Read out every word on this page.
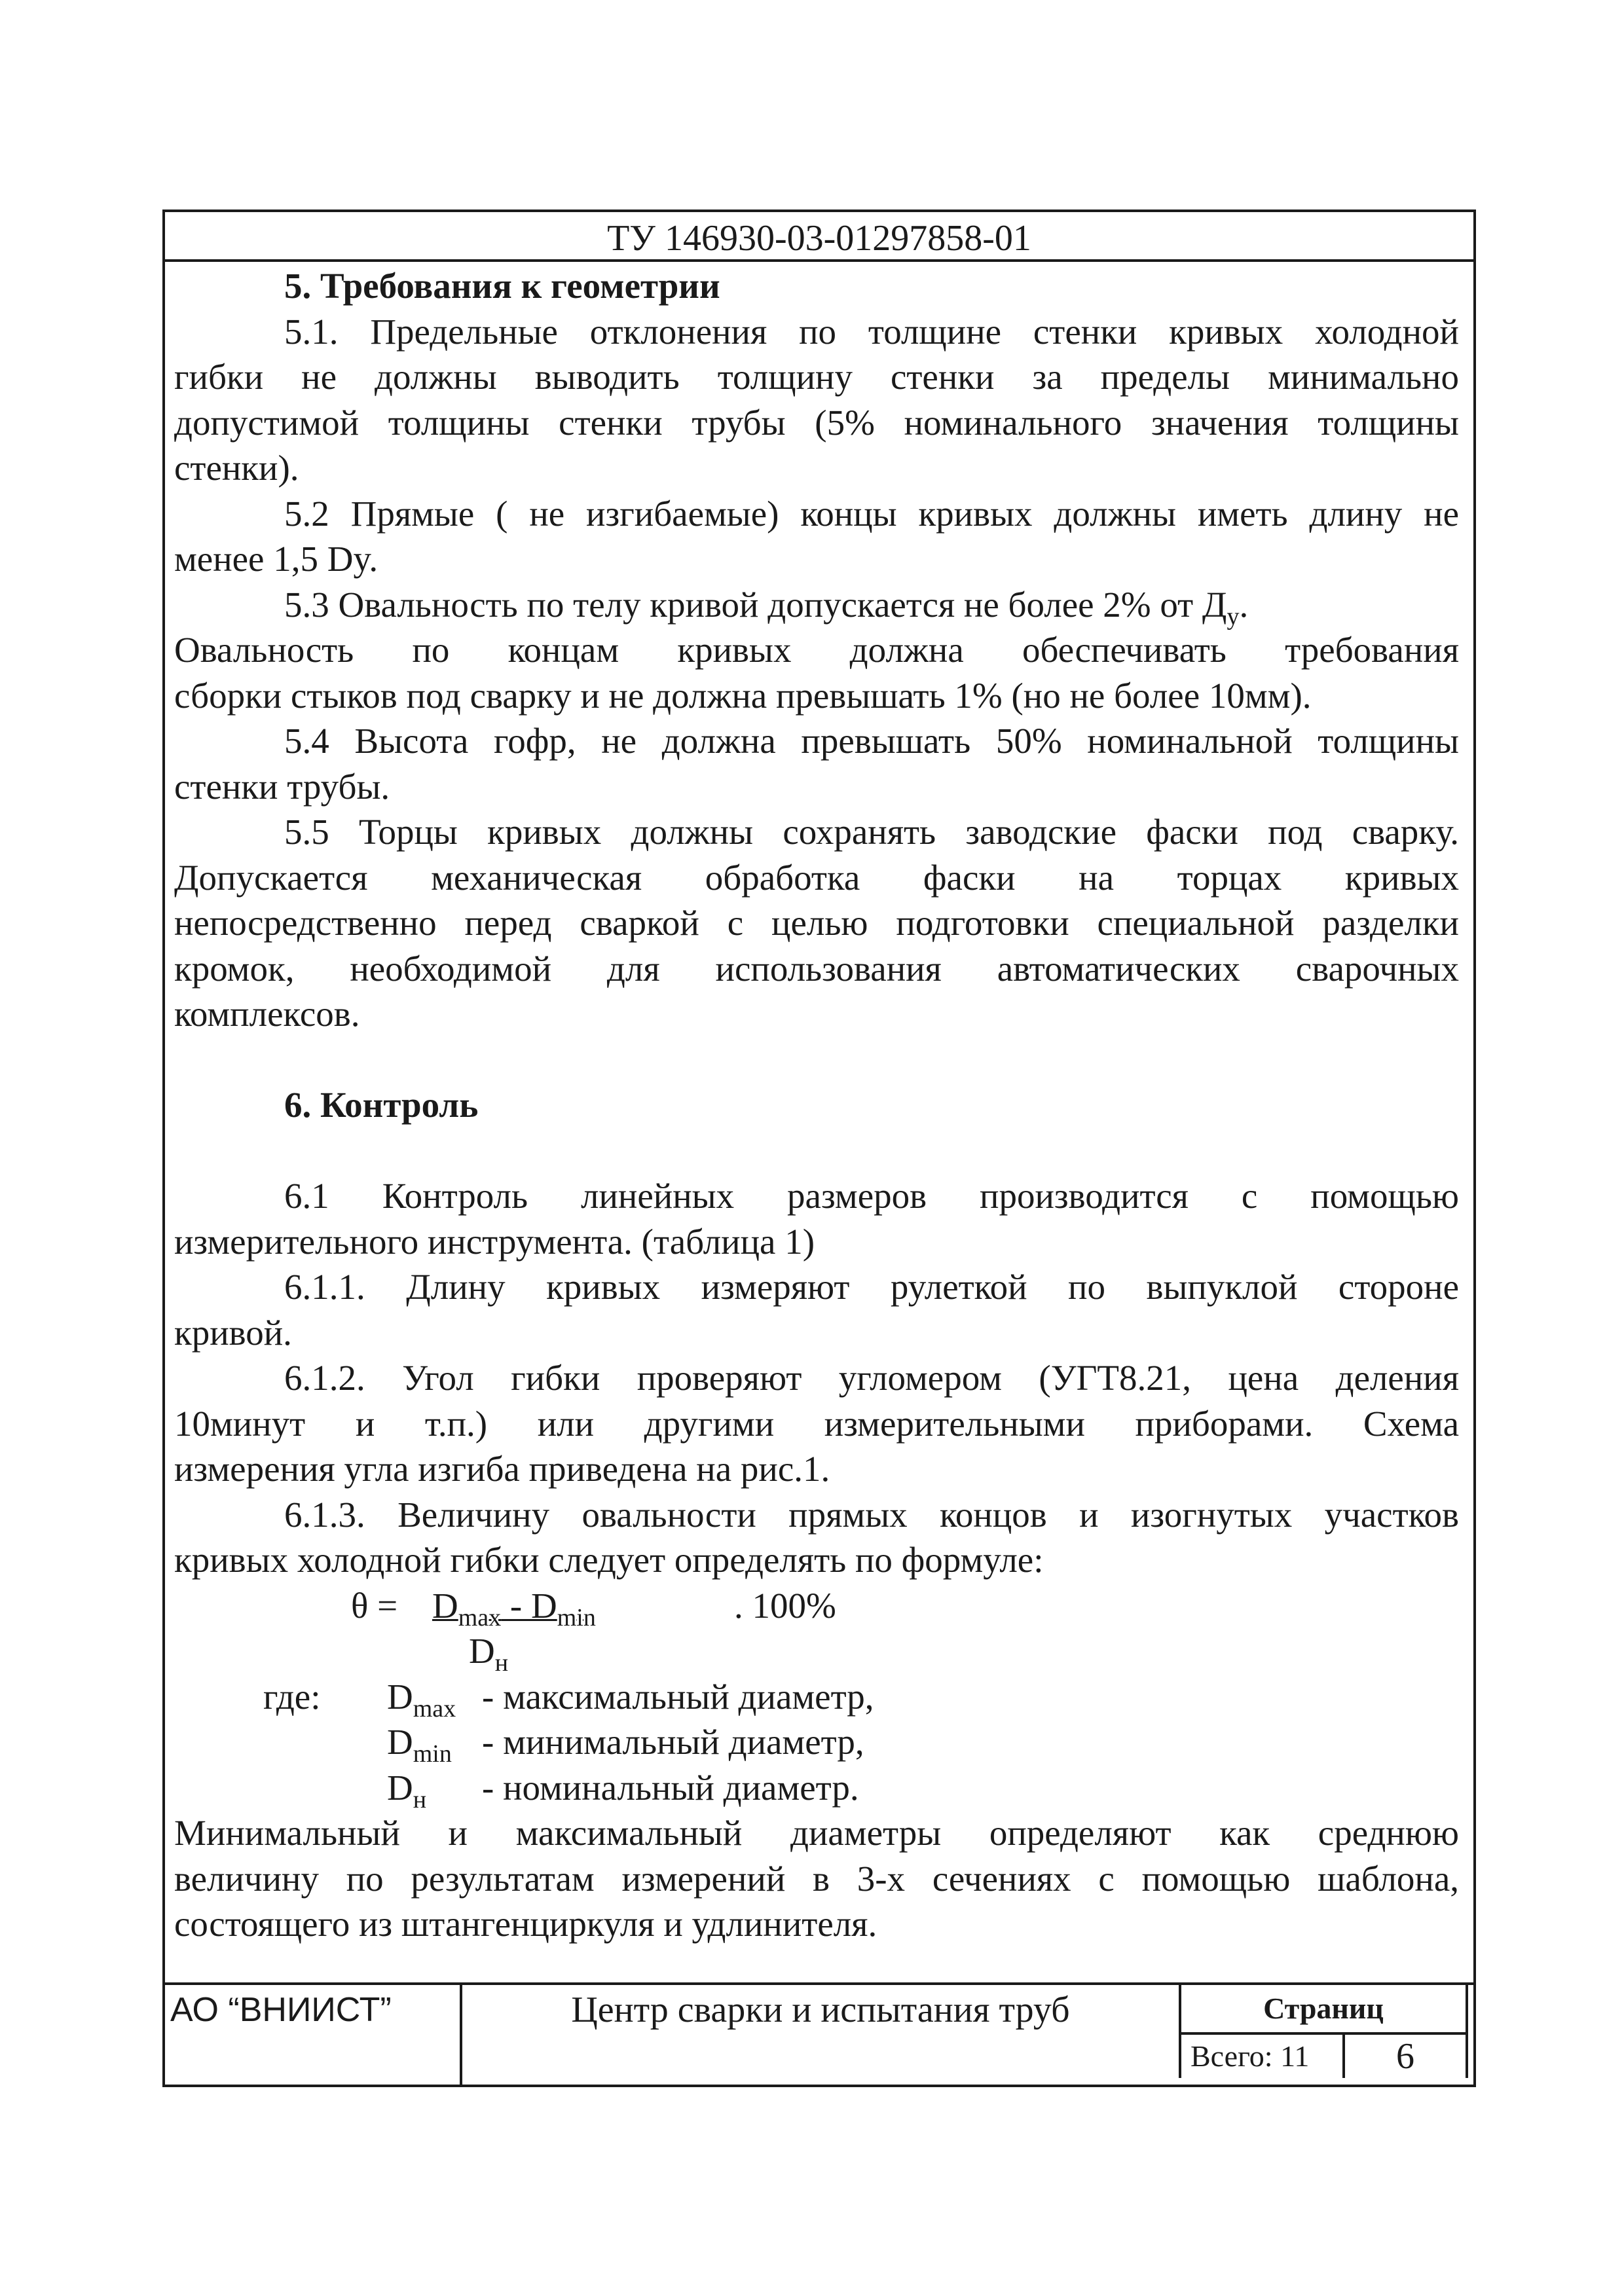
ТУ 146930-03-01297858-01
5. Требования к геометрии
5.1. Предельные отклонения по толщине стенки кривых холодной
гибки не должны выводить толщину стенки за пределы минимально
допустимой толщины стенки трубы (5% номинального значения толщины
стенки).
5.2 Прямые ( не изгибаемые) концы кривых должны иметь длину не
менее 1,5 Dy.
5.3 Овальность по телу кривой допускается не более 2% от $Д_у$.
Овальность по концам кривых должна обеспечивать требования
сборки стыков под сварку и не должна превышать 1% (но не более 10мм).
5.4 Высота гофр, не должна превышать 50% номинальной толщины
стенки трубы.
5.5 Торцы кривых должны сохранять заводские фаски под сварку.
Допускается механическая обработка фаски на торцах кривых
непосредственно перед сваркой с целью подготовки специальной разделки
кромок, необходимой для использования автоматических сварочных
комплексов.
6. Контроль
6.1 Контроль линейных размеров производится с помощью
измерительного инструмента. (таблица 1)
6.1.1. Длину кривых измеряют рулеткой по выпуклой стороне
кривой.
6.1.2. Угол гибки проверяют угломером (УГТ8.21, цена деления
10минут и т.п.) или другими измерительными приборами. Схема
измерения угла изгиба приведена на рис.1.
6.1.3. Величину овальности прямых концов и изогнутых участков
кривых холодной гибки следует определять по формуле:
$\theta = D_{max} - D_{min}$	. 100%
$D_н$
где: $D_{max}$ - максимальный диаметр,
$D_{min}$ - минимальный диаметр,
$D_н$ - номинальный диаметр.
Минимальный и максимальный диаметры определяют как среднюю
величину по результатам измерений в 3-х сечениях с помощью шаблона,
состоящего из штангенциркуля и удлинителя.
АО “ВНИИСТ”	Центр сварки и испытания труб	Страниц
Всего: 11	6
